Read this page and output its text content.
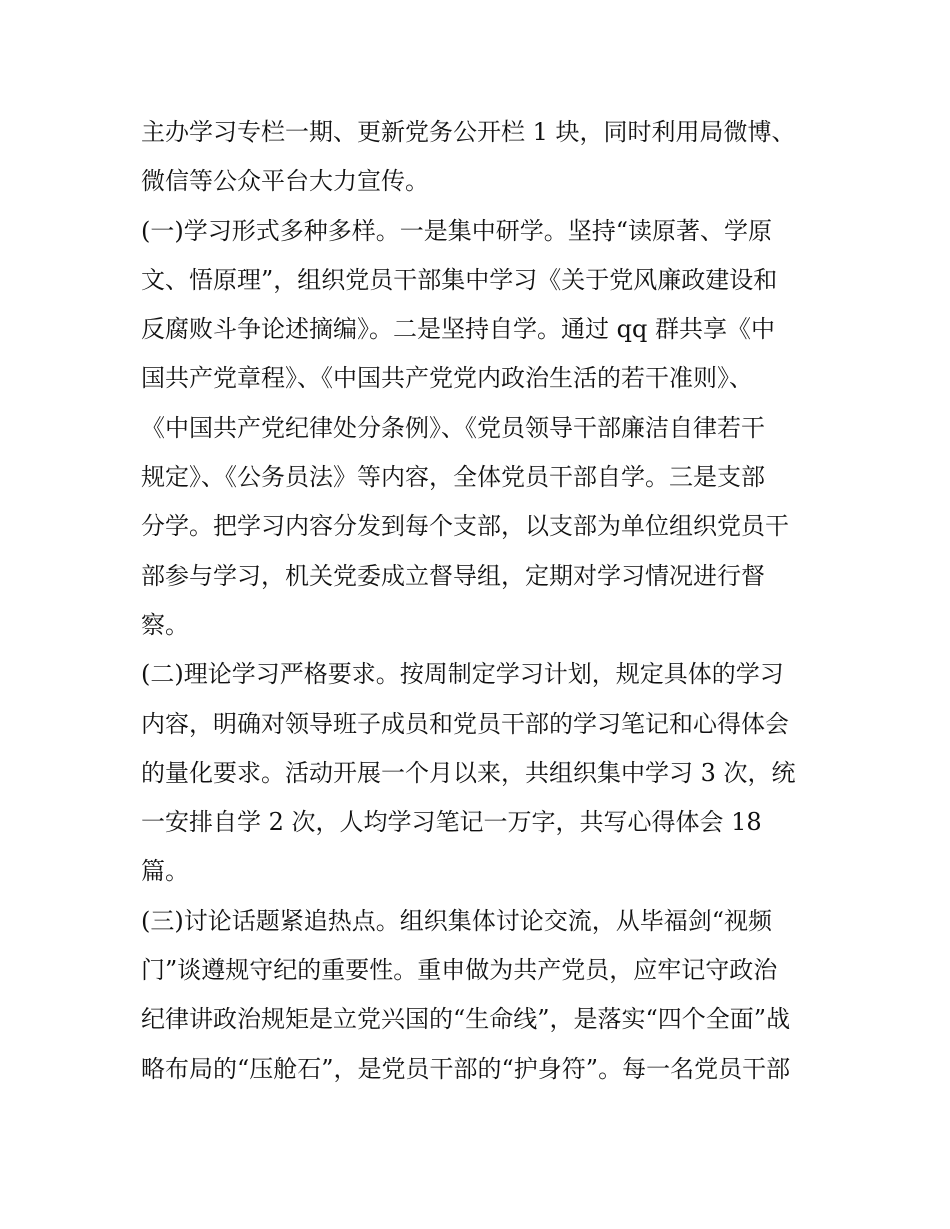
主办学习专栏一期、更新党务公开栏 1 块，同时利用局微博、
微信等公众平台大力宣传。
(一)学习形式多种多样。一是集中研学。坚持“读原著、学原
文、悟原理”，组织党员干部集中学习《关于党风廉政建设和
反腐败斗争论述摘编》。二是坚持自学。通过 qq 群共享《中
国共产党章程》、《中国共产党党内政治生活的若干准则》、
《中国共产党纪律处分条例》、《党员领导干部廉洁自律若干
规定》、《公务员法》等内容，全体党员干部自学。三是支部
分学。把学习内容分发到每个支部，以支部为单位组织党员干
部参与学习，机关党委成立督导组，定期对学习情况进行督
察。
(二)理论学习严格要求。按周制定学习计划，规定具体的学习
内容，明确对领导班子成员和党员干部的学习笔记和心得体会
的量化要求。活动开展一个月以来，共组织集中学习 3 次，统
一安排自学 2 次，人均学习笔记一万字，共写心得体会 18
篇。
(三)讨论话题紧追热点。组织集体讨论交流，从毕福剑“视频
门”谈遵规守纪的重要性。重申做为共产党员，应牢记守政治
纪律讲政治规矩是立党兴国的“生命线”，是落实“四个全面”战
略布局的“压舱石”，是党员干部的“护身符”。每一名党员干部
